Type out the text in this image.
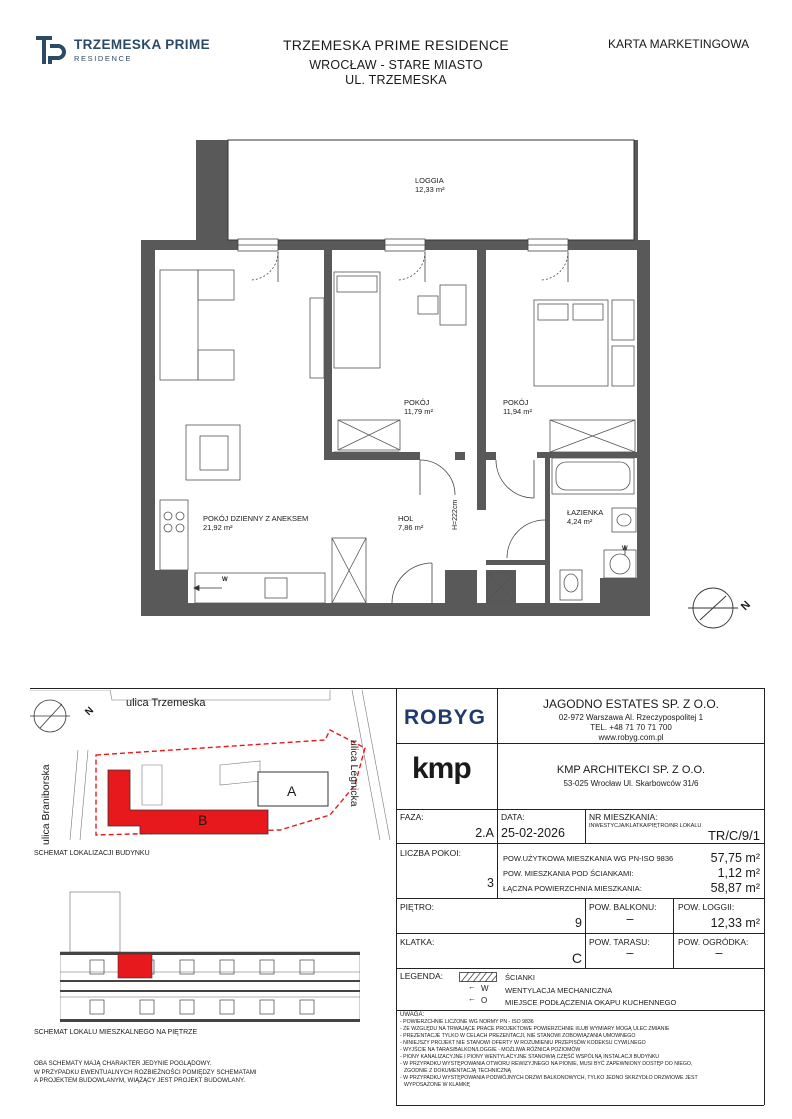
TRZEMESKA PRIME
RESIDENCE
TRZEMESKA PRIME RESIDENCE
WROCŁAW - STARE MIASTO
UL. TRZEMESKA
KARTA MARKETINGOWA
LOGGIA
12,33 m²
POKÓJ
11,79 m²
POKÓJ
11,94 m²
POKÓJ DZIENNY Z ANEKSEM
21,92 m²
HOL
7,86 m²
ŁAZIENKA
4,24 m²
H=222cm
W
W
N
ulica Trzemeska
N
ulica Braniborska	ulica Legnicka
A
B
SCHEMAT LOKALIZACJI BUDYNKU
SCHEMAT LOKALU MIESZKALNEGO NA PIĘTRZE
OBA SCHEMATY MAJĄ CHARAKTER JEDYNIE POGLĄDOWY.
W PRZYPADKU EWENTUALNYCH ROZBIEŻNOŚCI POMIĘDZY SCHEMATAMI
A PROJEKTEM BUDOWLANYM, WIĄŻĄCY JEST PROJEKT BUDOWLANY.
ROBYG
JAGODNO ESTATES SP. Z O.O.
02-972 Warszawa Al. Rzeczypospolitej 1
TEL. +48 71 70 71 700
www.robyg.com.pl
kmp	KMP ARCHITEKCI SP. Z O.O.
53-025 Wrocław Ul. Skarbowców 31/6
FAZA:
2.A
DATA:
25-02-2026
NR MIESZKANIA:
INWESTYCJA/KLATKA/PIĘTRO/NR LOKALU
TR/C/9/1
LICZBA POKOI:
3
POW.UŻYTKOWA MIESZKANIA WG PN-ISO 9836	57,75 m²
POW. MIESZKANIA POD ŚCIANKAMI:	1,12 m²
ŁĄCZNA POWIERZCHNIA MIESZKANIA:	58,87 m²
PIĘTRO:
9
POW. BALKONU:
–
POW. LOGGII:
12,33 m²
KLATKA:
C
POW. TARASU:
–
POW. OGRÓDKA:
–
LEGENDA:	ŚCIANKI
← W WENTYLACJA MECHANICZNA
← O MIEJSCE PODŁĄCZENIA OKAPU KUCHENNEGO
UWAGA:
- POWIERZCHNIE LICZONE WG NORMY PN - ISO 9836
- ZE WZGLĘDU NA TRWAJĄCE PRACE PROJEKTOWE POWIERZCHNIE I/LUB WYMIARY MOGĄ ULEC ZMIANIE
- PREZENTACJE TYLKO W CELACH PREZENTACJI, NIE STANOWI ZOBOWIĄZANIA UMOWNEGO
- NINIEJSZY PROJEKT NIE STANOWI OFERTY W ROZUMIENIU PRZEPISÓW KODEKSU CYWILNEGO
- WYJŚCIE NA TARAS/BALKON/LOGGIE - MOŻLIWA RÓŻNICA POZIOMÓW
- PIONY KANALIZACYJNE I PIONY WENTYLACYJNE STANOWIĄ CZĘŚĆ WSPÓLNĄ INSTALACJI BUDYNKU
- W PRZYPADKU WYSTĘPOWANIA OTWORU REWIZYJNEGO NA PIONIE, MUSI BYĆ ZAPEWNIONY DOSTĘP DO NIEGO,
ZGODNIE Z DOKUMENTACJĄ TECHNICZNĄ
- W PRZYPADKU WYSTĘPOWANIA PODWÓJNYCH DRZWI BALKONOWYCH, TYLKO JEDNO SKRZYDŁO DRZWIOWE JEST
WYPOSAŻONE W KLAMKĘ
